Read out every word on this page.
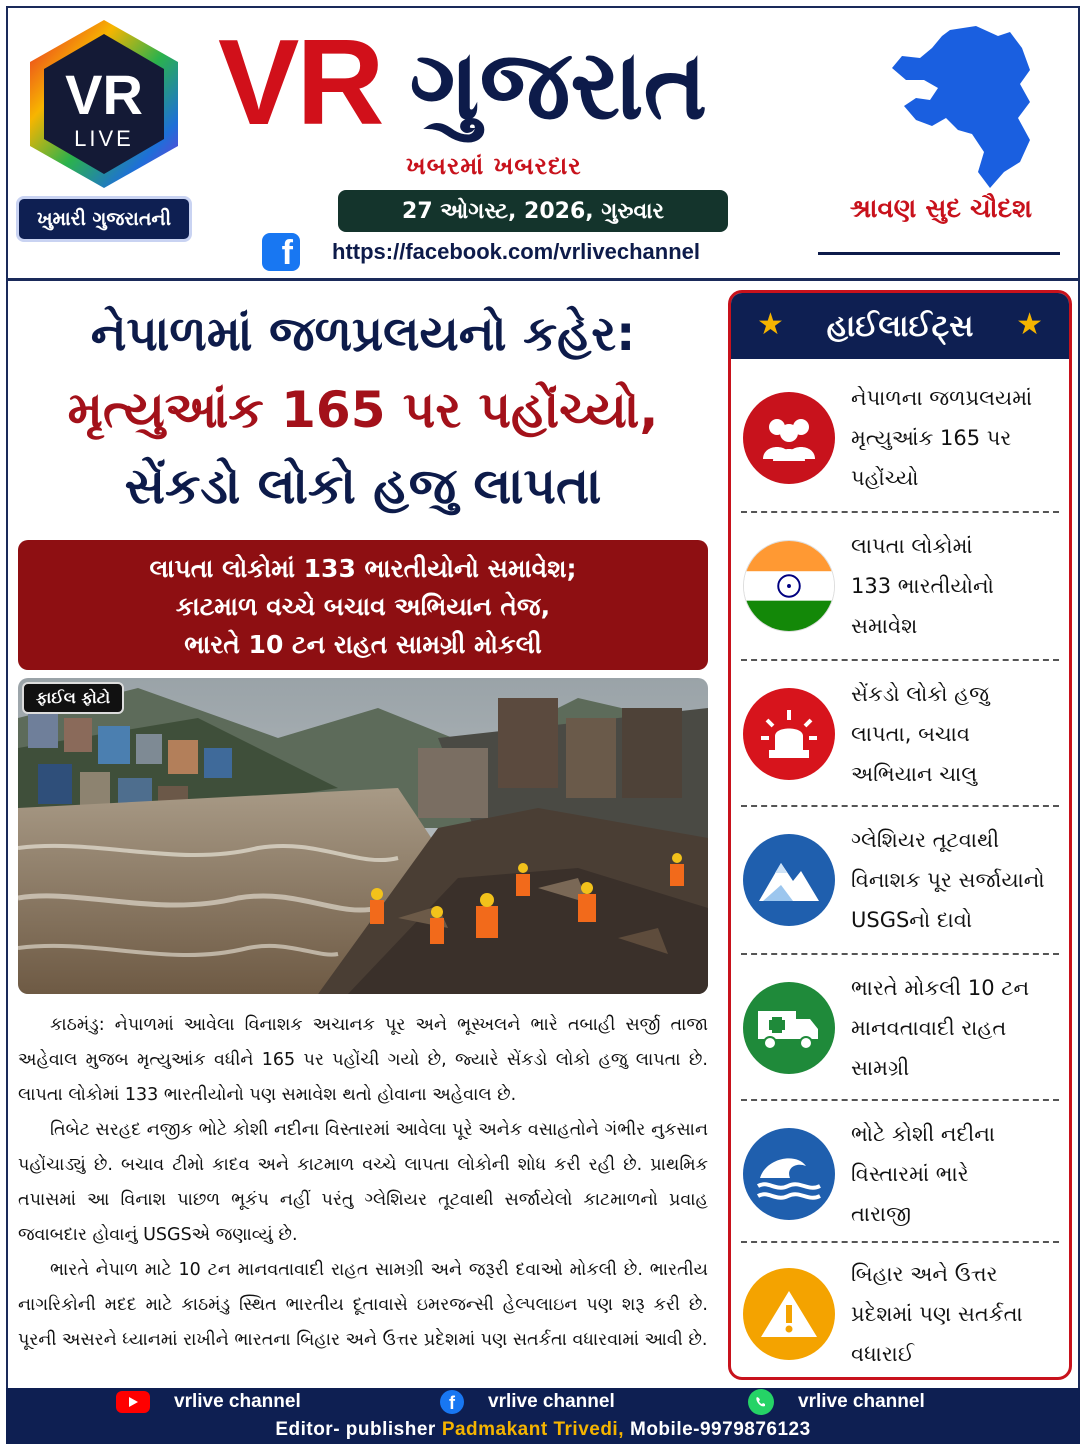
VR
LIVE
ખુમારી ગુજરાતની
VR ગુજરાત
ખબરમાં ખબરદાર
27 ઓગસ્ટ, 2026, ગુરુવાર
f	https://facebook.com/vrlivechannel
શ્રાવણ સુદ ચૌદશ
નેપાળમાં જળપ્રલયનો કહેર:
મૃત્યુઆંક 165 પર પહોંચ્યો,
સેંકડો લોકો હજુ લાપતા
લાપતા લોકોમાં 133 ભારતીયોનો સમાવેશ;
કાટમાળ વચ્ચે બચાવ અભિયાન તેજ,
ભારતે 10 ટન રાહત સામગ્રી મોકલી
ફાઈલ ફોટો

કાઠમંડુ: નેપાળમાં આવેલા વિનાશક અચાનક પૂર અને ભૂસ્ખલને ભારે તબાહી સર્જી તાજા અહેવાલ મુજબ મૃત્યુઆંક વધીને 165 પર પહોંચી ગયો છે, જ્યારે સેંકડો લોકો હજુ લાપતા છે. લાપતા લોકોમાં 133 ભારતીયોનો પણ સમાવેશ થતો હોવાના અહેવાલ છે.

તિબેટ સરહદ નજીક ભોટે કોશી નદીના વિસ્તારમાં આવેલા પૂરે અનેક વસાહતોને ગંભીર નુકસાન પહોંચાડ્યું છે. બચાવ ટીમો કાદવ અને કાટમાળ વચ્ચે લાપતા લોકોની શોધ કરી રહી છે. પ્રાથમિક તપાસમાં આ વિનાશ પાછળ ભૂકંપ નહીં પરંતુ ગ્લેશિયર તૂટવાથી સર્જાયેલો કાટમાળનો પ્રવાહ જવાબદાર હોવાનું USGSએ જણાવ્યું છે.

ભારતે નેપાળ માટે 10 ટન માનવતાવાદી રાહત સામગ્રી અને જરૂરી દવાઓ મોકલી છે. ભારતીય નાગરિકોની મદદ માટે કાઠમંડુ સ્થિત ભારતીય દૂતાવાસે ઇમરજન્સી હેલ્પલાઇન પણ શરૂ કરી છે. પૂરની અસરને ધ્યાનમાં રાખીને ભારતના બિહાર અને ઉત્તર પ્રદેશમાં પણ સતર્કતા વધારવામાં આવી છે.

★ હાઈલાઈટ્સ ★
નેપાળના જળપ્રલયમાં
મૃત્યુઆંક 165 પર
પહોંચ્યો
લાપતા લોકોમાં
133 ભારતીયોનો
સમાવેશ
સેંકડો લોકો હજુ
લાપતા, બચાવ
અભિયાન ચાલુ
ગ્લેશિયર તૂટવાથી
વિનાશક પૂર સર્જાયાનો
USGSનો દાવો
ભારતે મોકલી 10 ટન
માનવતાવાદી રાહત
સામગ્રી
ભોટે કોશી નદીના
વિસ્તારમાં ભારે
તારાજી
બિહાર અને ઉત્તર
પ્રદેશમાં પણ સતર્કતા
વધારાઈ
vrlive channel	f	vrlive channel	vrlive channel
Editor- publisher Padmakant Trivedi, Mobile-9979876123
